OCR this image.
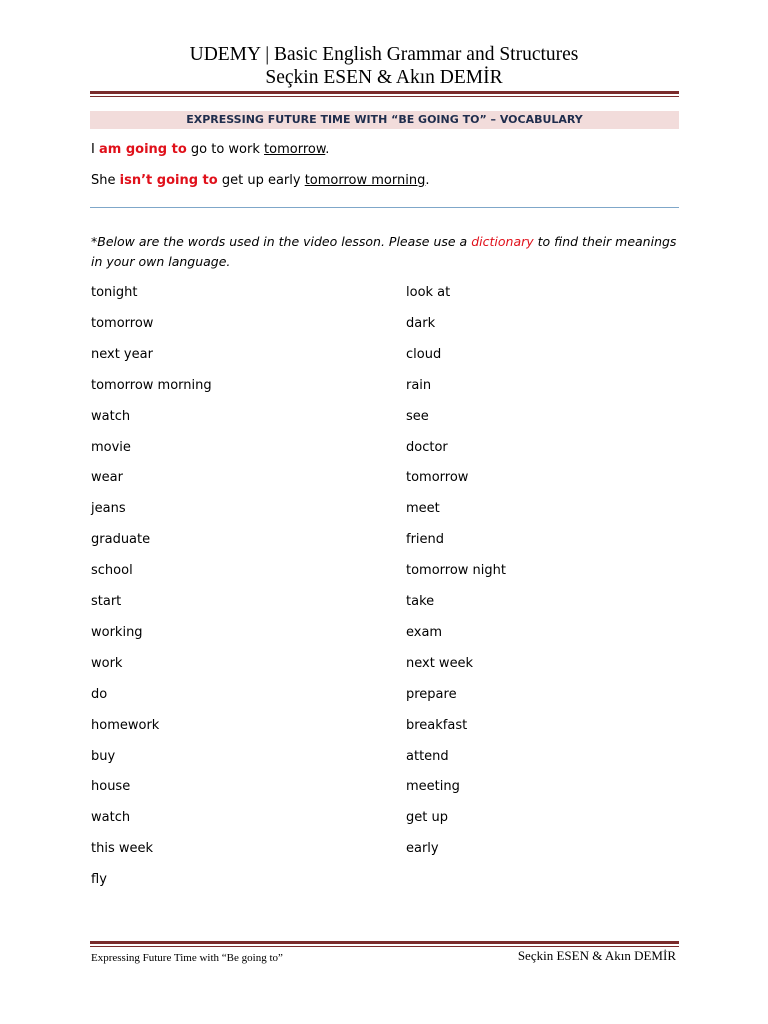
UDEMY | Basic English Grammar and Structures
Seçkin ESEN & Akın DEMİR
EXPRESSING FUTURE TIME WITH “BE GOING TO” – VOCABULARY
I am going to go to work tomorrow.
She isn’t going to get up early tomorrow morning.
*Below are the words used in the video lesson. Please use a dictionary to find their meanings in your own language.
tonight
tomorrow
next year
tomorrow morning
watch
movie
wear
jeans
graduate
school
start
working
work
do
homework
buy
house
watch
this week
fly
look at
dark
cloud
rain
see
doctor
tomorrow
meet
friend
tomorrow night
take
exam
next week
prepare
breakfast
attend
meeting
get up
early
Expressing Future Time with “Be going to”	Seçkin ESEN & Akın DEMİR
